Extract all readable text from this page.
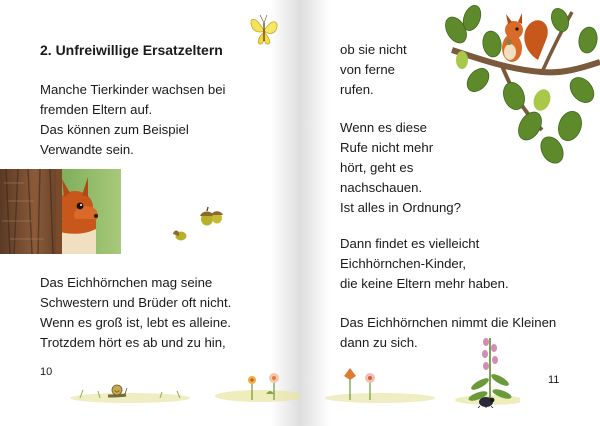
2. Unfreiwillige Ersatzeltern
Manche Tierkinder wachsen bei
fremden Eltern auf.
Das können zum Beispiel
Verwandte sein.
Das Eichhörnchen mag seine
Schwestern und Brüder oft nicht.
Wenn es groß ist, lebt es alleine.
Trotzdem hört es ab und zu hin,
10
ob sie nicht
von ferne
rufen.
Wenn es diese
Rufe nicht mehr
hört, geht es
nachschauen.
Ist alles in Ordnung?
Dann findet es vielleicht
Eichhörnchen-Kinder,
die keine Eltern mehr haben.
Das Eichhörnchen nimmt die Kleinen
dann zu sich.
11
